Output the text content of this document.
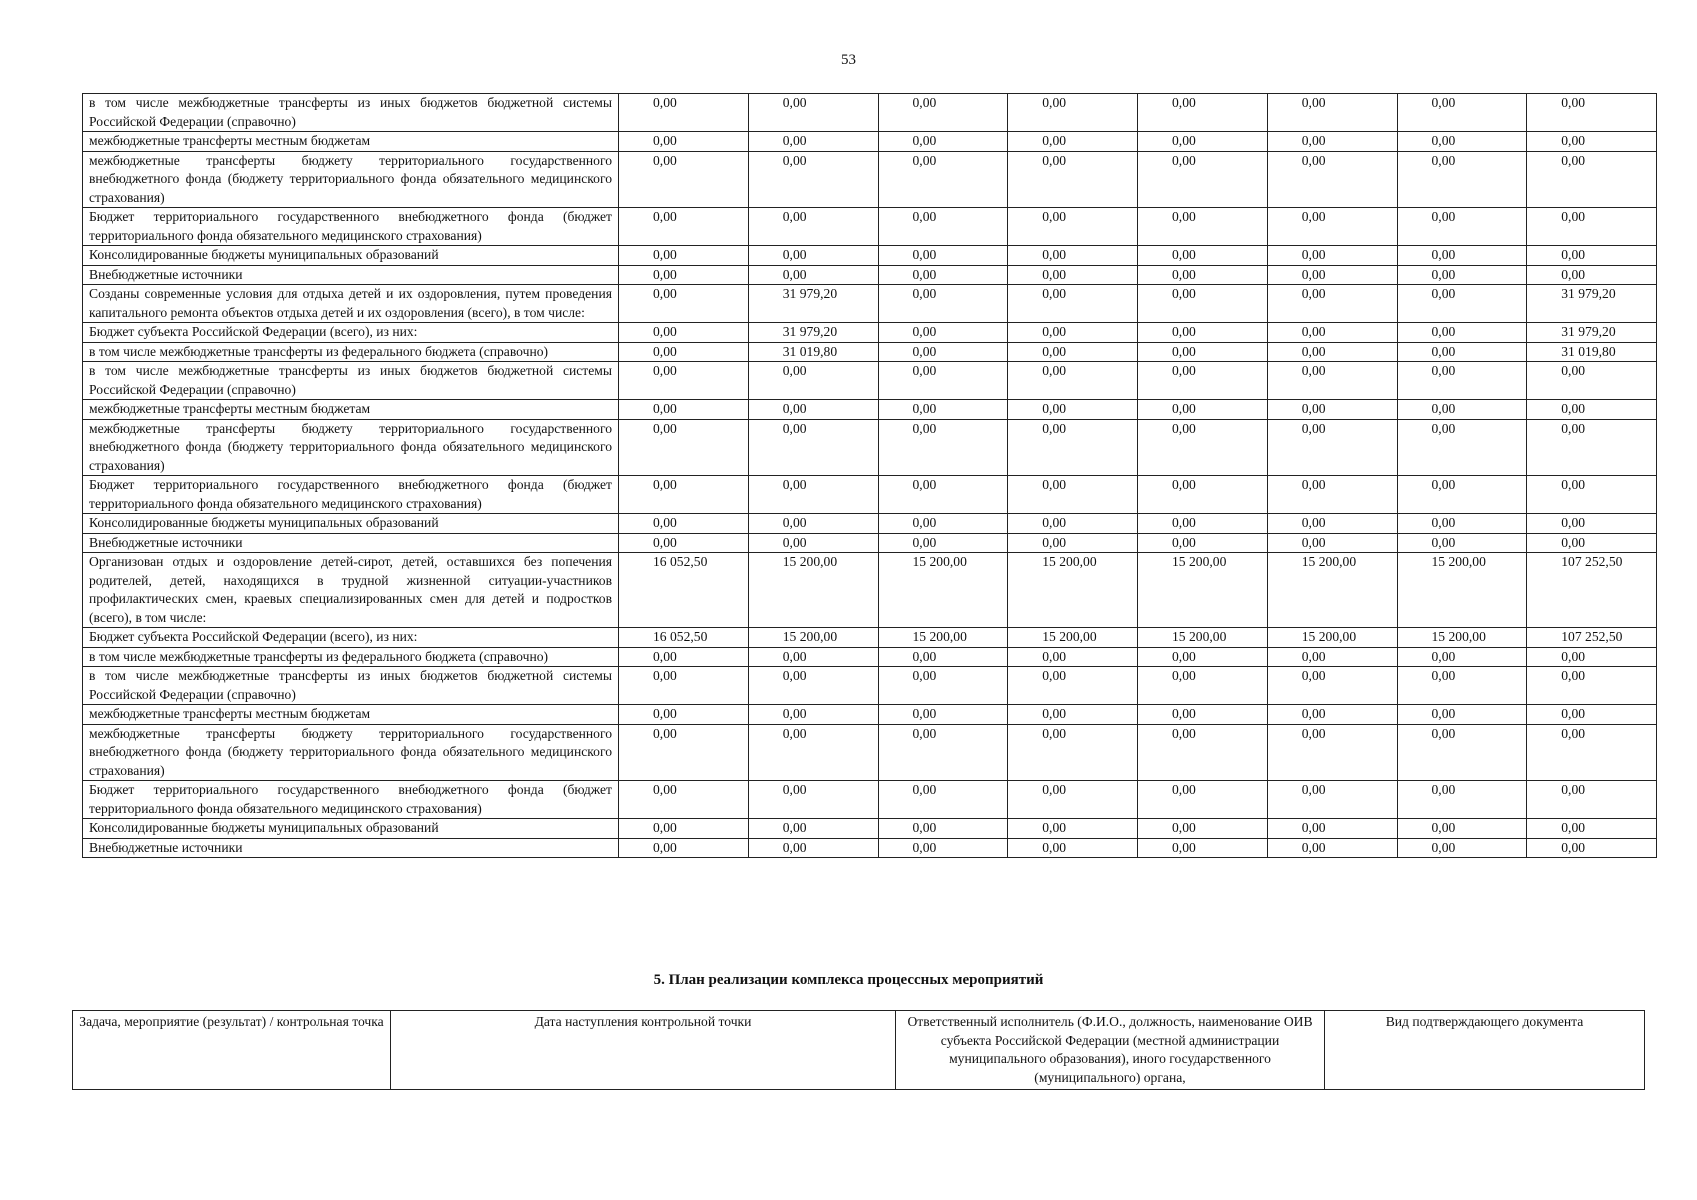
53
в том числе межбюджетные трансферты из иных бюджетов бюджетной системы Российской Федерации (справочно)	0,00	0,00	0,00	0,00	0,00	0,00	0,00	0,00
межбюджетные трансферты местным бюджетам	0,00	0,00	0,00	0,00	0,00	0,00	0,00	0,00
межбюджетные трансферты бюджету территориального государственного внебюджетного фонда (бюджету территориального фонда обязательного медицинского страхования)	0,00	0,00	0,00	0,00	0,00	0,00	0,00	0,00
Бюджет территориального государственного внебюджетного фонда (бюджет территориального фонда обязательного медицинского страхования)	0,00	0,00	0,00	0,00	0,00	0,00	0,00	0,00
Консолидированные бюджеты муниципальных образований	0,00	0,00	0,00	0,00	0,00	0,00	0,00	0,00
Внебюджетные источники	0,00	0,00	0,00	0,00	0,00	0,00	0,00	0,00
Созданы современные условия для отдыха детей и их оздоровления, путем проведения капитального ремонта объектов отдыха детей и их оздоровления (всего), в том числе:	0,00	31 979,20	0,00	0,00	0,00	0,00	0,00	31 979,20
Бюджет субъекта Российской Федерации (всего), из них:	0,00	31 979,20	0,00	0,00	0,00	0,00	0,00	31 979,20
в том числе межбюджетные трансферты из федерального бюджета (справочно)	0,00	31 019,80	0,00	0,00	0,00	0,00	0,00	31 019,80
в том числе межбюджетные трансферты из иных бюджетов бюджетной системы Российской Федерации (справочно)	0,00	0,00	0,00	0,00	0,00	0,00	0,00	0,00
межбюджетные трансферты местным бюджетам	0,00	0,00	0,00	0,00	0,00	0,00	0,00	0,00
межбюджетные трансферты бюджету территориального государственного внебюджетного фонда (бюджету территориального фонда обязательного медицинского страхования)	0,00	0,00	0,00	0,00	0,00	0,00	0,00	0,00
Бюджет территориального государственного внебюджетного фонда (бюджет территориального фонда обязательного медицинского страхования)	0,00	0,00	0,00	0,00	0,00	0,00	0,00	0,00
Консолидированные бюджеты муниципальных образований	0,00	0,00	0,00	0,00	0,00	0,00	0,00	0,00
Внебюджетные источники	0,00	0,00	0,00	0,00	0,00	0,00	0,00	0,00
Организован отдых и оздоровление детей-сирот, детей, оставшихся без попечения родителей, детей, находящихся в трудной жизненной ситуации-участников профилактических смен, краевых специализированных смен для детей и подростков (всего), в том числе:	16 052,50	15 200,00	15 200,00	15 200,00	15 200,00	15 200,00	15 200,00	107 252,50
Бюджет субъекта Российской Федерации (всего), из них:	16 052,50	15 200,00	15 200,00	15 200,00	15 200,00	15 200,00	15 200,00	107 252,50
в том числе межбюджетные трансферты из федерального бюджета (справочно)	0,00	0,00	0,00	0,00	0,00	0,00	0,00	0,00
в том числе межбюджетные трансферты из иных бюджетов бюджетной системы Российской Федерации (справочно)	0,00	0,00	0,00	0,00	0,00	0,00	0,00	0,00
межбюджетные трансферты местным бюджетам	0,00	0,00	0,00	0,00	0,00	0,00	0,00	0,00
межбюджетные трансферты бюджету территориального государственного внебюджетного фонда (бюджету территориального фонда обязательного медицинского страхования)	0,00	0,00	0,00	0,00	0,00	0,00	0,00	0,00
Бюджет территориального государственного внебюджетного фонда (бюджет территориального фонда обязательного медицинского страхования)	0,00	0,00	0,00	0,00	0,00	0,00	0,00	0,00
Консолидированные бюджеты муниципальных образований	0,00	0,00	0,00	0,00	0,00	0,00	0,00	0,00
Внебюджетные источники	0,00	0,00	0,00	0,00	0,00	0,00	0,00	0,00
5. План реализации комплекса процессных мероприятий
Задача, мероприятие (результат) / контрольная точка	Дата наступления контрольной точки	Ответственный исполнитель (Ф.И.О., должность, наименование ОИВ субъекта Российской Федерации (местной администрации муниципального образования), иного государственного (муниципального) органа,	Вид подтверждающего документа
